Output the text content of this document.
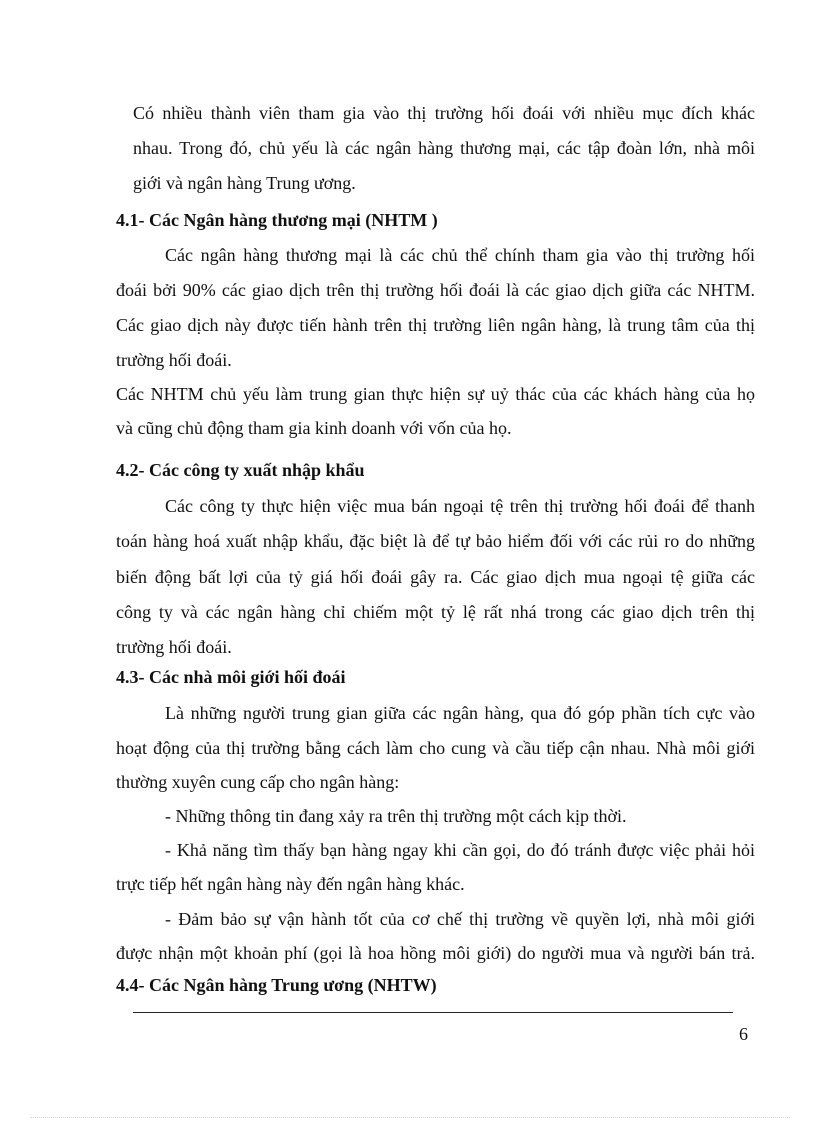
Có nhiều thành viên tham gia vào thị trường hối đoái với nhiều mục đích khác

nhau. Trong đó, chủ yếu là các ngân hàng thương mại, các tập đoàn lớn, nhà môi

giới và ngân hàng Trung ương.

4.1- Các Ngân hàng thương mại (NHTM )

Các ngân hàng thương mại là các chủ thể chính tham gia vào thị trường hối

đoái bởi 90% các giao dịch trên thị trường hối đoái là các giao dịch giữa các NHTM.

Các giao dịch này được tiến hành trên thị trường liên ngân hàng, là trung tâm của thị

trường hối đoái.

Các NHTM chủ yếu làm trung gian thực hiện sự uỷ thác của các khách hàng của họ

và cũng chủ động tham gia kinh doanh với vốn của họ.

4.2- Các công ty xuất nhập khẩu

Các công ty thực hiện việc mua bán ngoại tệ trên thị trường hối đoái để thanh

toán hàng hoá xuất nhập khẩu, đặc biệt là để tự bảo hiểm đối với các rủi ro do những

biến động bất lợi của tỷ giá hối đoái gây ra. Các giao dịch mua ngoại tệ giữa các

công ty và các ngân hàng chỉ chiếm một tỷ lệ rất nhá trong các giao dịch trên thị

trường hối đoái.

4.3- Các nhà môi giới hối đoái

Là những người trung gian giữa các ngân hàng, qua đó góp phần tích cực vào

hoạt động của thị trường bằng cách làm cho cung và cầu tiếp cận nhau. Nhà môi giới

thường xuyên cung cấp cho ngân hàng:

- Những thông tin đang xảy ra trên thị trường một cách kịp thời.

- Khả năng tìm thấy bạn hàng ngay khi cần gọi, do đó tránh được việc phải hỏi

trực tiếp hết ngân hàng này đến ngân hàng khác.

- Đảm bảo sự vận hành tốt của cơ chế thị trường về quyền lợi, nhà môi giới

được nhận một khoản phí (gọi là hoa hồng môi giới) do người mua và người bán trả.

4.4- Các Ngân hàng Trung ương (NHTW)

6
